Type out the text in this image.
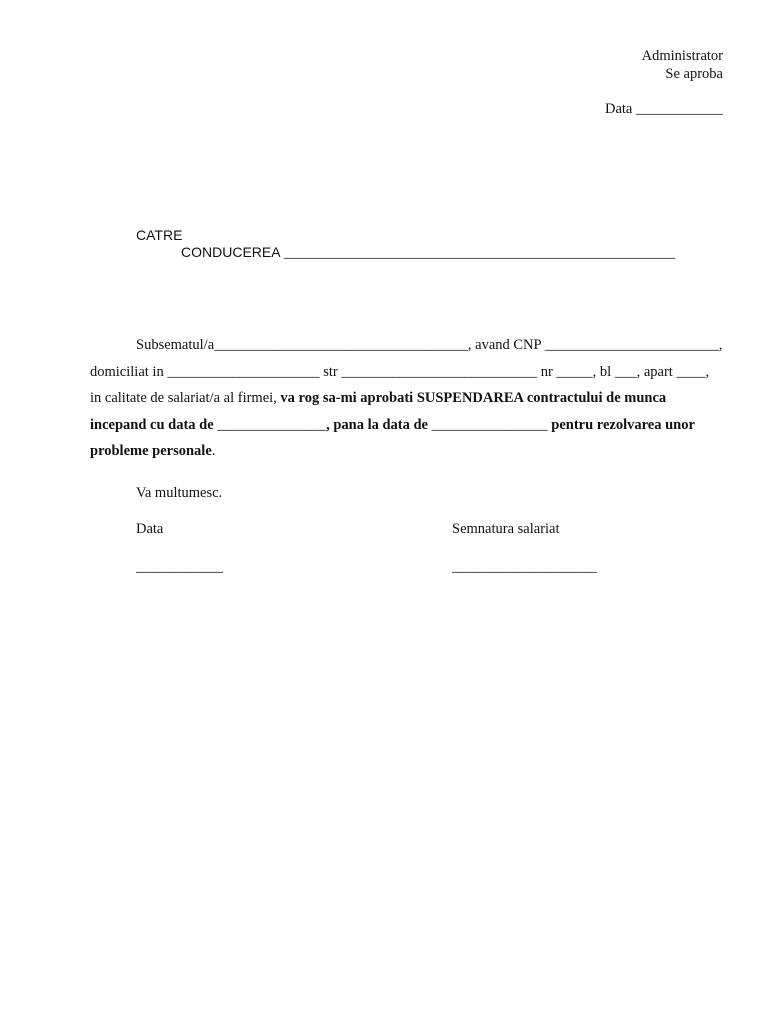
Administrator
Se aproba
Data ____________
CATRE
CONDUCEREA ______________________________________________________
Subsematul/a___________________________________, avand CNP ________________________,
domiciliat in _____________________ str ___________________________ nr _____, bl ___, apart ____,
in calitate de salariat/a al firmei, va rog sa-mi aprobati SUSPENDAREA contractului de munca
incepand cu data de _______________, pana la data de ________________ pentru rezolvarea unor
probleme personale.
Va multumesc.
Data	Semnatura salariat
____________	____________________
